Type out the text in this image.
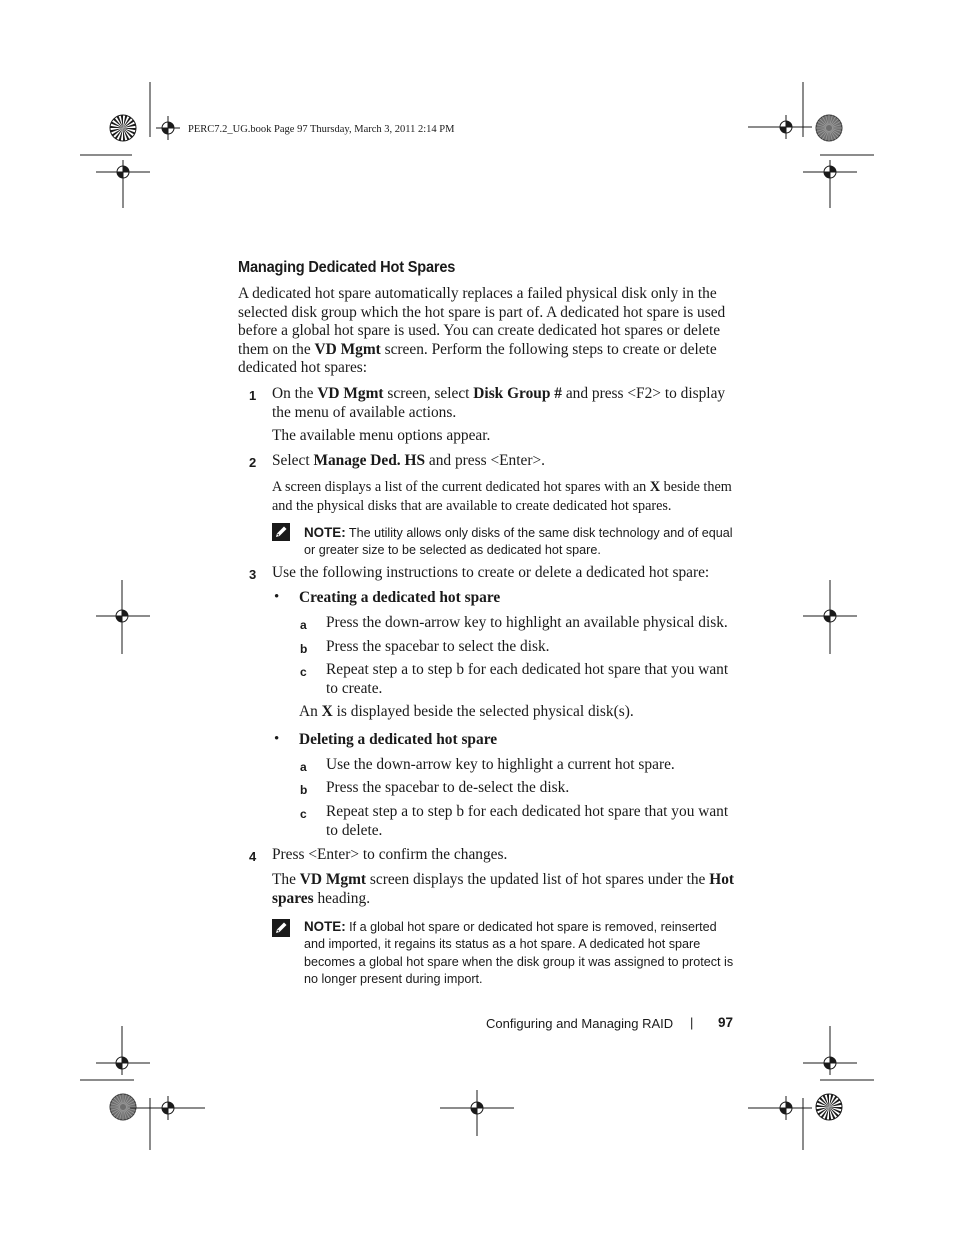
PERC7.2_UG.book Page 97 Thursday, March 3, 2011 2:14 PM
Managing Dedicated Hot Spares
A dedicated hot spare automatically replaces a failed physical disk only in the selected disk group which the hot spare is part of. A dedicated hot spare is used before a global hot spare is used. You can create dedicated hot spares or delete them on the VD Mgmt screen. Perform the following steps to create or delete dedicated hot spares:
1 On the VD Mgmt screen, select Disk Group # and press <F2> to display the menu of available actions.
The available menu options appear.
2 Select Manage Ded. HS and press <Enter>.
A screen displays a list of the current dedicated hot spares with an X beside them and the physical disks that are available to create dedicated hot spares.
NOTE: The utility allows only disks of the same disk technology and of equal or greater size to be selected as dedicated hot spare.
3 Use the following instructions to create or delete a dedicated hot spare:
• Creating a dedicated hot spare
a Press the down-arrow key to highlight an available physical disk.
b Press the spacebar to select the disk.
c Repeat step a to step b for each dedicated hot spare that you want to create.
An X is displayed beside the selected physical disk(s).
• Deleting a dedicated hot spare
a Use the down-arrow key to highlight a current hot spare.
b Press the spacebar to de-select the disk.
c Repeat step a to step b for each dedicated hot spare that you want to delete.
4 Press <Enter> to confirm the changes.
The VD Mgmt screen displays the updated list of hot spares under the Hot spares heading.
NOTE: If a global hot spare or dedicated hot spare is removed, reinserted and imported, it regains its status as a hot spare. A dedicated hot spare becomes a global hot spare when the disk group it was assigned to protect is no longer present during import.
Configuring and Managing RAID | 97
